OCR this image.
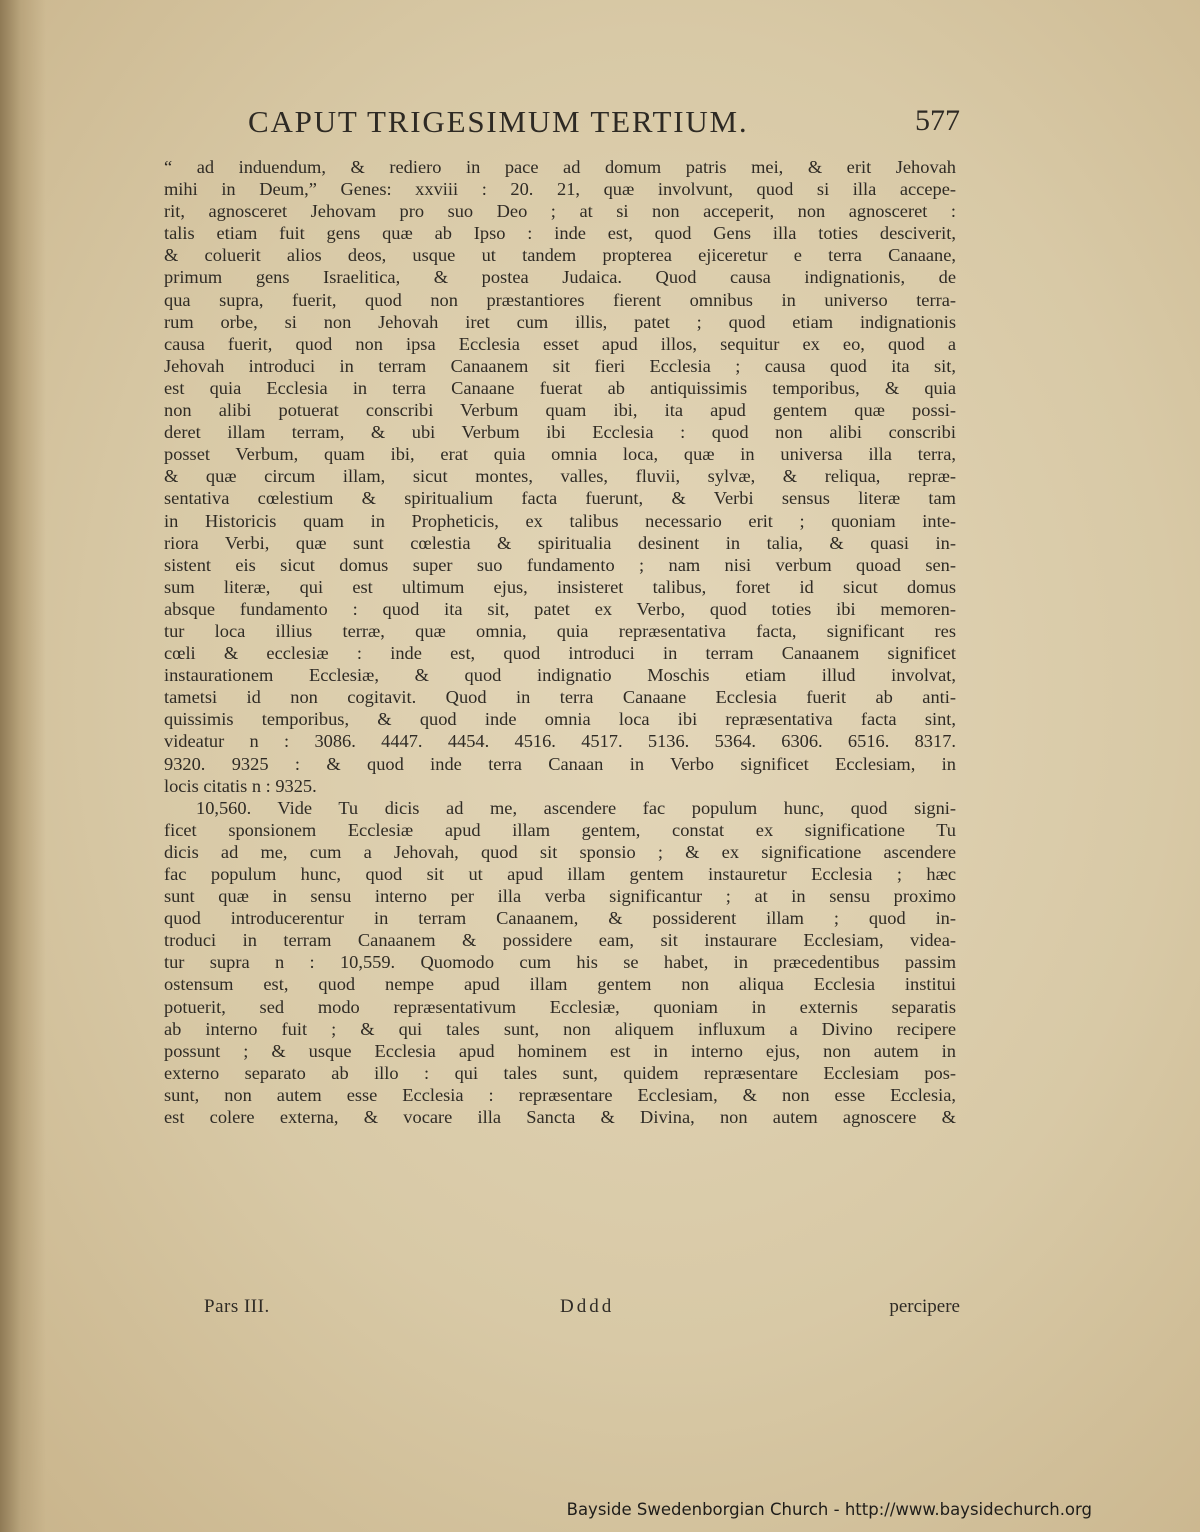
CAPUT TRIGESIMUM TERTIUM.	577
“ ad induendum, & rediero in pace ad domum patris mei, & erit Jehovah
mihi in Deum,” Genes: xxviii : 20. 21, quæ involvunt, quod si illa accepe-
rit, agnosceret Jehovam pro suo Deo ; at si non acceperit, non agnosceret :
talis etiam fuit gens quæ ab Ipso : inde est, quod Gens illa toties desciverit,
& coluerit alios deos, usque ut tandem propterea ejiceretur e terra Canaane,
primum gens Israelitica, & postea Judaica. Quod causa indignationis, de
qua supra, fuerit, quod non præstantiores fierent omnibus in universo terra-
rum orbe, si non Jehovah iret cum illis, patet ; quod etiam indignationis
causa fuerit, quod non ipsa Ecclesia esset apud illos, sequitur ex eo, quod a
Jehovah introduci in terram Canaanem sit fieri Ecclesia ; causa quod ita sit,
est quia Ecclesia in terra Canaane fuerat ab antiquissimis temporibus, & quia
non alibi potuerat conscribi Verbum quam ibi, ita apud gentem quæ possi-
deret illam terram, & ubi Verbum ibi Ecclesia : quod non alibi conscribi
posset Verbum, quam ibi, erat quia omnia loca, quæ in universa illa terra,
& quæ circum illam, sicut montes, valles, fluvii, sylvæ, & reliqua, repræ-
sentativa cœlestium & spiritualium facta fuerunt, & Verbi sensus literæ tam
in Historicis quam in Propheticis, ex talibus necessario erit ; quoniam inte-
riora Verbi, quæ sunt cœlestia & spiritualia desinent in talia, & quasi in-
sistent eis sicut domus super suo fundamento ; nam nisi verbum quoad sen-
sum literæ, qui est ultimum ejus, insisteret talibus, foret id sicut domus
absque fundamento : quod ita sit, patet ex Verbo, quod toties ibi memoren-
tur loca illius terræ, quæ omnia, quia repræsentativa facta, significant res
cœli & ecclesiæ : inde est, quod introduci in terram Canaanem significet
instaurationem Ecclesiæ, & quod indignatio Moschis etiam illud involvat,
tametsi id non cogitavit. Quod in terra Canaane Ecclesia fuerit ab anti-
quissimis temporibus, & quod inde omnia loca ibi repræsentativa facta sint,
videatur n : 3086. 4447. 4454. 4516. 4517. 5136. 5364. 6306. 6516. 8317.
9320. 9325 : & quod inde terra Canaan in Verbo significet Ecclesiam, in
locis citatis n : 9325.
10,560. Vide Tu dicis ad me, ascendere fac populum hunc, quod signi-
ficet sponsionem Ecclesiæ apud illam gentem, constat ex significatione Tu
dicis ad me, cum a Jehovah, quod sit sponsio ; & ex significatione ascendere
fac populum hunc, quod sit ut apud illam gentem instauretur Ecclesia ; hæc
sunt quæ in sensu interno per illa verba significantur ; at in sensu proximo
quod introducerentur in terram Canaanem, & possiderent illam ; quod in-
troduci in terram Canaanem & possidere eam, sit instaurare Ecclesiam, videa-
tur supra n : 10,559. Quomodo cum his se habet, in præcedentibus passim
ostensum est, quod nempe apud illam gentem non aliqua Ecclesia institui
potuerit, sed modo repræsentativum Ecclesiæ, quoniam in externis separatis
ab interno fuit ; & qui tales sunt, non aliquem influxum a Divino recipere
possunt ; & usque Ecclesia apud hominem est in interno ejus, non autem in
externo separato ab illo : qui tales sunt, quidem repræsentare Ecclesiam pos-
sunt, non autem esse Ecclesia : repræsentare Ecclesiam, & non esse Ecclesia,
est colere externa, & vocare illa Sancta & Divina, non autem agnoscere &
Pars III.	Dddd	percipere
Bayside Swedenborgian Church - http://www.baysidechurch.org
